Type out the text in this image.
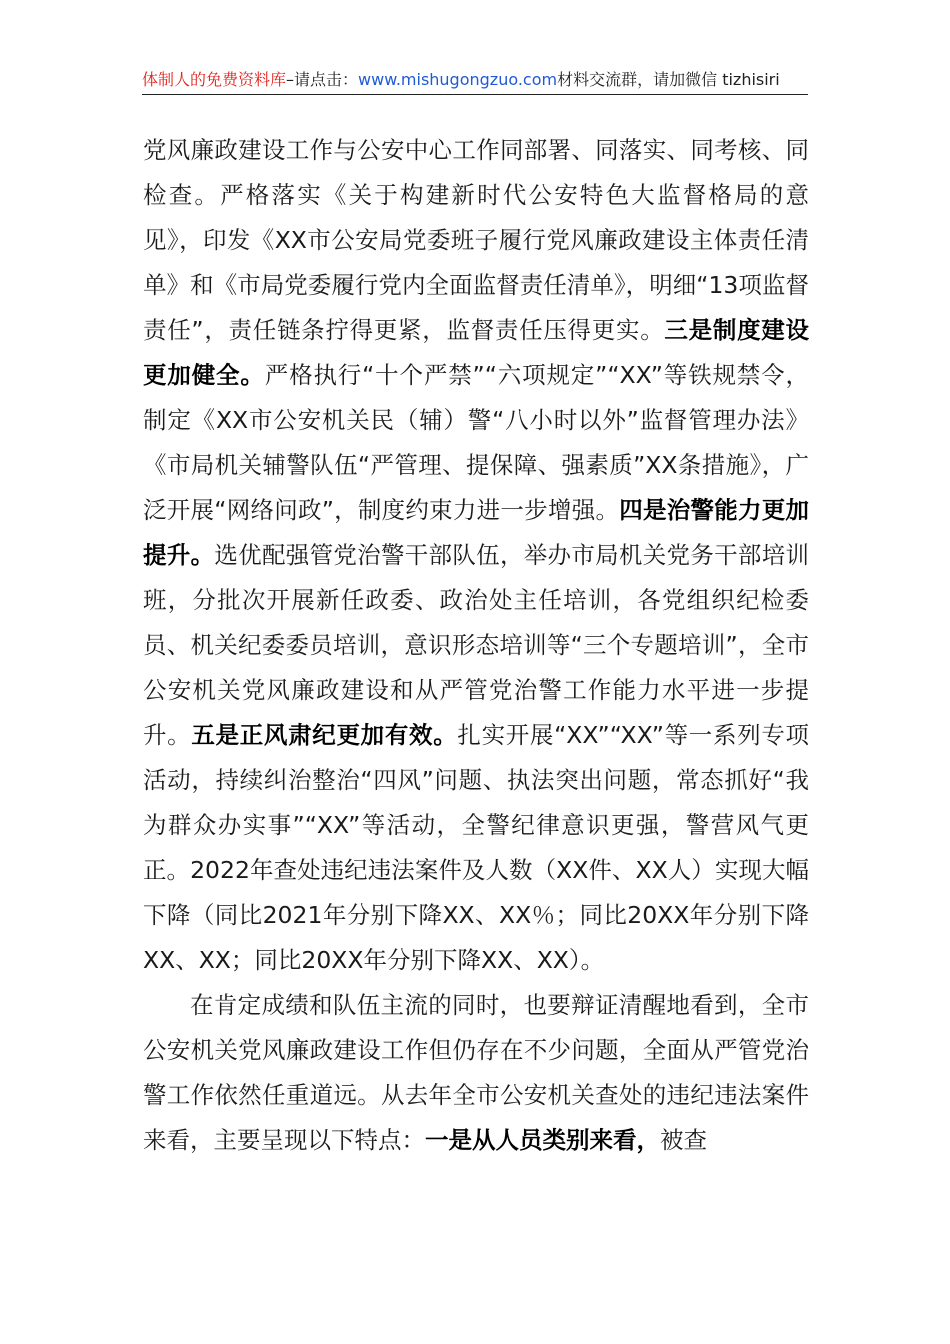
体制人的免费资料库–请点击：www.mishugongzuo.com材料交流群，请加微信 tizhisiri

党风廉政建设工作与公安中心工作同部署、同落实、同考核、同检查。严格落实《关于构建新时代公安特色大监督格局的意见》，印发《XX市公安局党委班子履行党风廉政建设主体责任清单》和《市局党委履行党内全面监督责任清单》，明细“13项监督责任”，责任链条拧得更紧，监督责任压得更实。三是制度建设更加健全。严格执行“十个严禁”“六项规定”“XX”等铁规禁令，制定《XX市公安机关民（辅）警“八小时以外”监督管理办法》《市局机关辅警队伍“严管理、提保障、强素质”XX条措施》，广泛开展“网络问政”，制度约束力进一步增强。四是治警能力更加提升。选优配强管党治警干部队伍，举办市局机关党务干部培训班，分批次开展新任政委、政治处主任培训，各党组织纪检委员、机关纪委委员培训，意识形态培训等“三个专题培训”，全市公安机关党风廉政建设和从严管党治警工作能力水平进一步提升。五是正风肃纪更加有效。扎实开展“XX”“XX”等一系列专项活动，持续纠治整治“四风”问题、执法突出问题，常态抓好“我为群众办实事”“XX”等活动，全警纪律意识更强，警营风气更正。2022年查处违纪违法案件及人数（XX件、XX人）实现大幅下降（同比2021年分别下降XX、XX％；同比20XX年分别下降XX、XX；同比20XX年分别下降XX、XX）。

在肯定成绩和队伍主流的同时，也要辩证清醒地看到，全市公安机关党风廉政建设工作但仍存在不少问题，全面从严管党治警工作依然任重道远。从去年全市公安机关查处的违纪违法案件来看，主要呈现以下特点：一是从人员类别来看，被查
